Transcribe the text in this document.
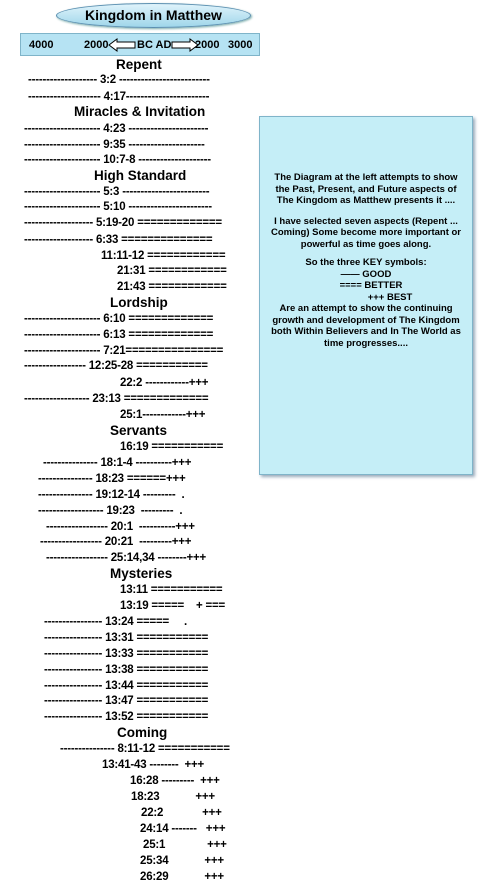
Kingdom in Matthew
4000	2000	BC AD 2000 3000
Repent
------------------- 3:2 -------------------------
-------------------- 4:17-----------------------
Miracles & Invitation
--------------------- 4:23 ----------------------
--------------------- 9:35 ---------------------
--------------------- 10:7-8 --------------------
High Standard
--------------------- 5:3 ------------------------
--------------------- 5:10 -----------------------
------------------- 5:19-20 =============
------------------- 6:33 ==============
11:11-12 ============
21:31 ============
21:43 ============
Lordship
--------------------- 6:10 =============
--------------------- 6:13 =============
--------------------- 7:21===============
----------------- 12:25-28 ===========
22:2 ------------+++
------------------ 23:13 =============
25:1------------+++
Servants
16:19 ===========
--------------- 18:1-4 ----------+++
--------------- 18:23 ======+++
--------------- 19:12-14 ---------  .
------------------ 19:23  ---------  .
----------------- 20:1  ----------+++
----------------- 20:21  ---------+++
----------------- 25:14,34 --------+++
Mysteries
13:11 ===========
13:19 =====    + ===
---------------- 13:24 =====     .
---------------- 13:31 ===========
---------------- 13:33 ===========
---------------- 13:38 ===========
---------------- 13:44 ===========
---------------- 13:47 ===========
---------------- 13:52 ===========
Coming
--------------- 8:11-12 ===========
13:41-43 --------  +++
16:28 ---------  +++
18:23            +++
22:2             +++
24:14 -------   +++
25:1              +++
25:34            +++
26:29            +++

The Diagram at the left attempts to show the Past, Present, and Future aspects of The Kingdom as Matthew presents it ....

I have selected seven aspects (Repent ... Coming) Some become more important or powerful as time goes along.

So the three KEY symbols:

—— GOOD

==== BETTER

+++ BEST

Are an attempt to show the continuing growth and development of The Kingdom both Within Believers and In The World as time progresses....
